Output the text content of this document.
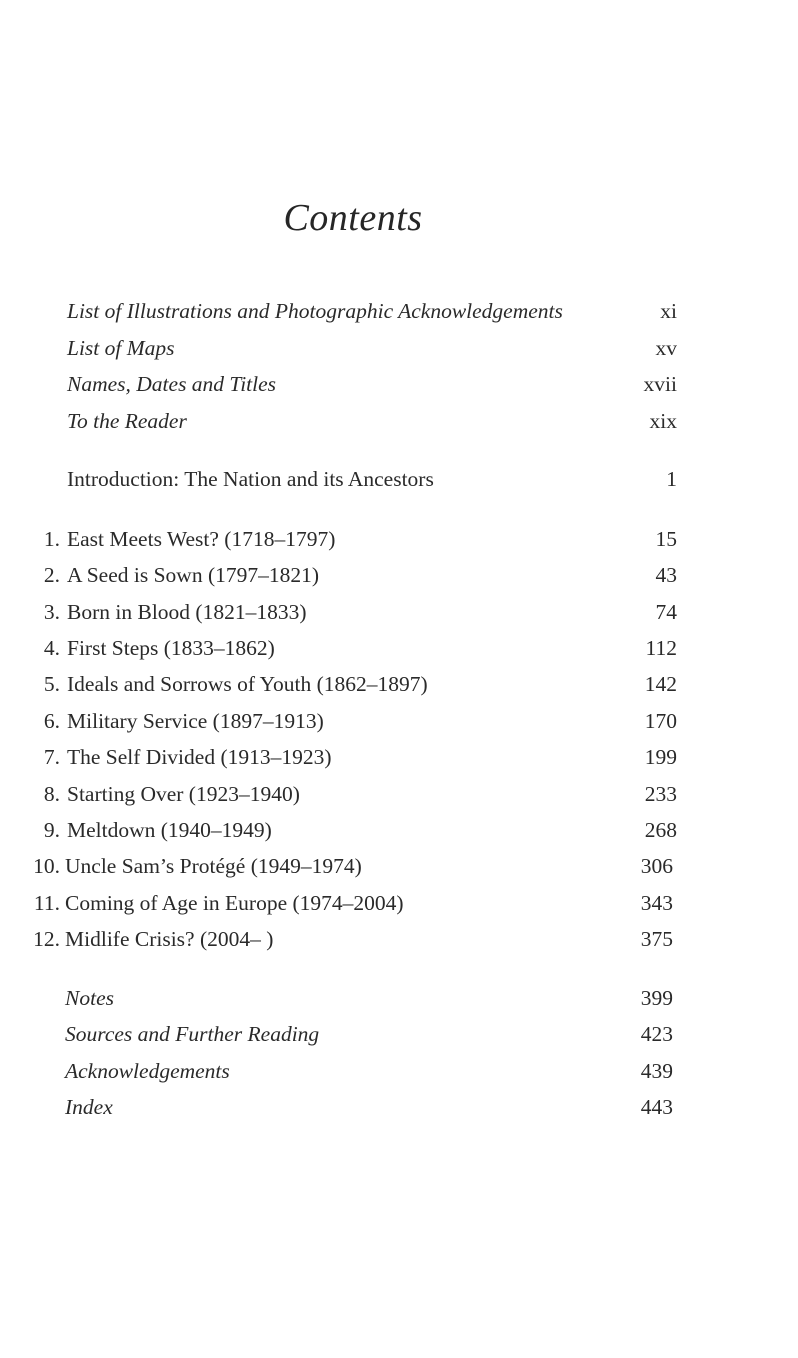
Contents
List of Illustrations and Photographic Acknowledgements	xi
List of Maps	xv
Names, Dates and Titles	xvii
To the Reader	xix
Introduction: The Nation and its Ancestors	1
1. East Meets West? (1718–1797)	15
2. A Seed is Sown (1797–1821)	43
3. Born in Blood (1821–1833)	74
4. First Steps (1833–1862)	112
5. Ideals and Sorrows of Youth (1862–1897)	142
6. Military Service (1897–1913)	170
7. The Self Divided (1913–1923)	199
8. Starting Over (1923–1940)	233
9. Meltdown (1940–1949)	268
10. Uncle Sam’s Protégé (1949–1974)	306
11. Coming of Age in Europe (1974–2004)	343
12. Midlife Crisis? (2004– )	375
Notes	399
Sources and Further Reading	423
Acknowledgements	439
Index	443
